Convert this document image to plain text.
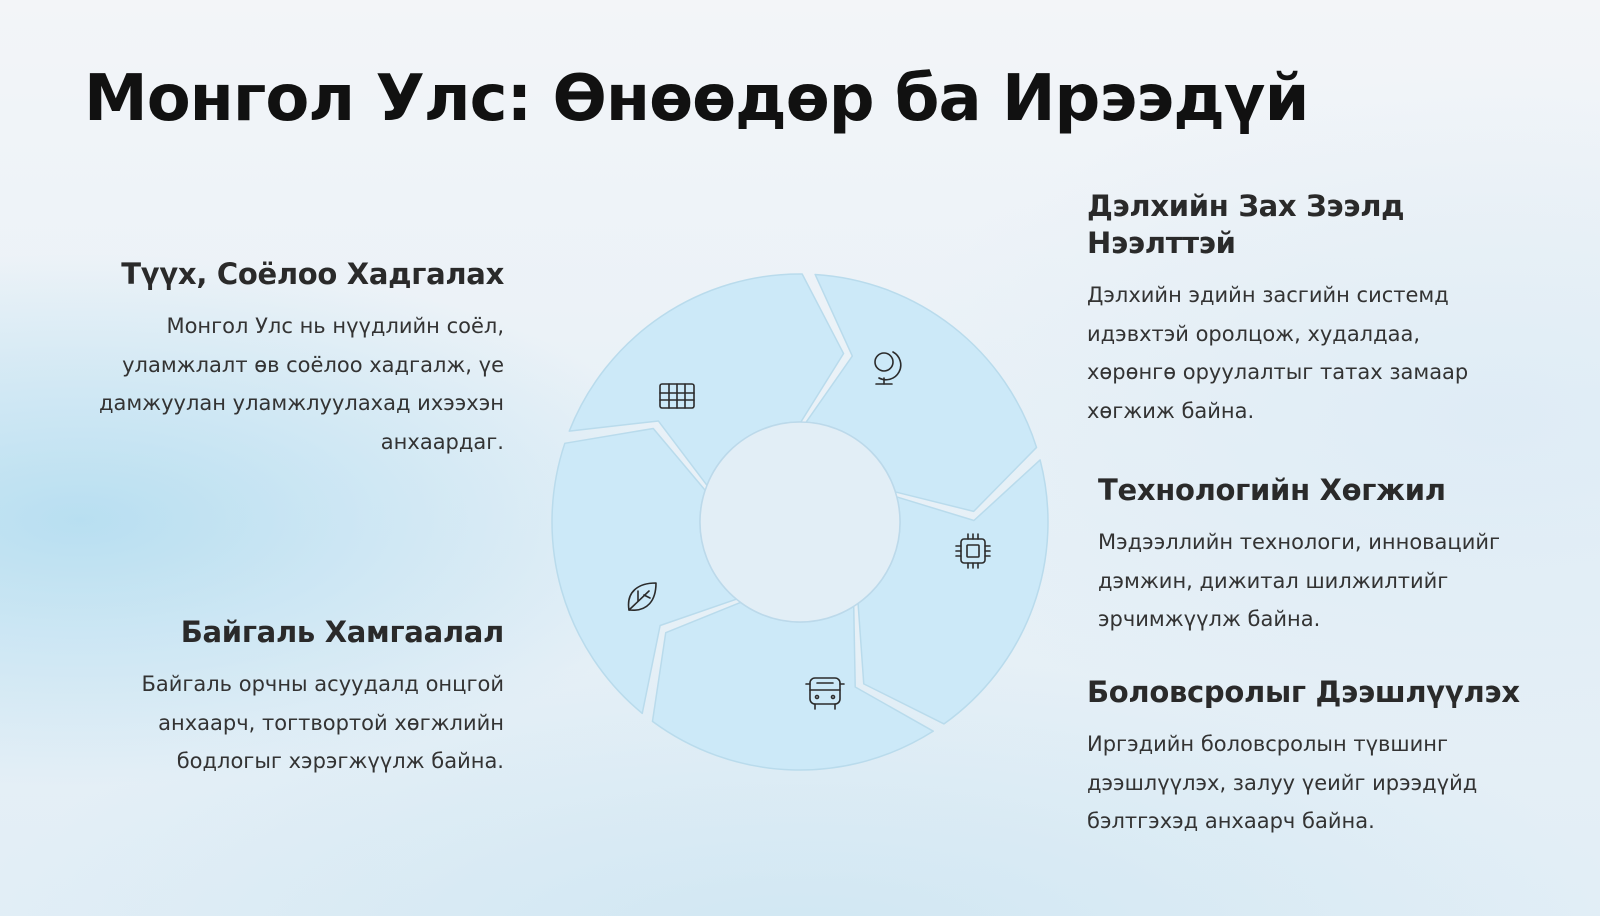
Монгол Улс: Өнөөдөр ба Ирээдүй
Түүх, Соёлоо Хадгалах

Монгол Улс нь нүүдлийн соёл, уламжлалт өв соёлоо хадгалж, үе дамжуулан уламжлуулахад ихээхэн анхаардаг.

Байгаль Хамгаалал

Байгаль орчны асуудалд онцгой анхаарч, тогтвортой хөгжлийн бодлогыг хэрэгжүүлж байна.

Дэлхийн Зах Зээлд Нээлттэй

Дэлхийн эдийн засгийн системд идэвхтэй оролцож, худалдаа, хөрөнгө оруулалтыг татах замаар хөгжиж байна.

Технологийн Хөгжил

Мэдээллийн технологи, инновацийг дэмжин, дижитал шилжилтийг эрчимжүүлж байна.

Боловсролыг Дээшлүүлэх

Иргэдийн боловсролын түвшинг дээшлүүлэх, залуу үеийг ирээдүйд бэлтгэхэд анхаарч байна.
